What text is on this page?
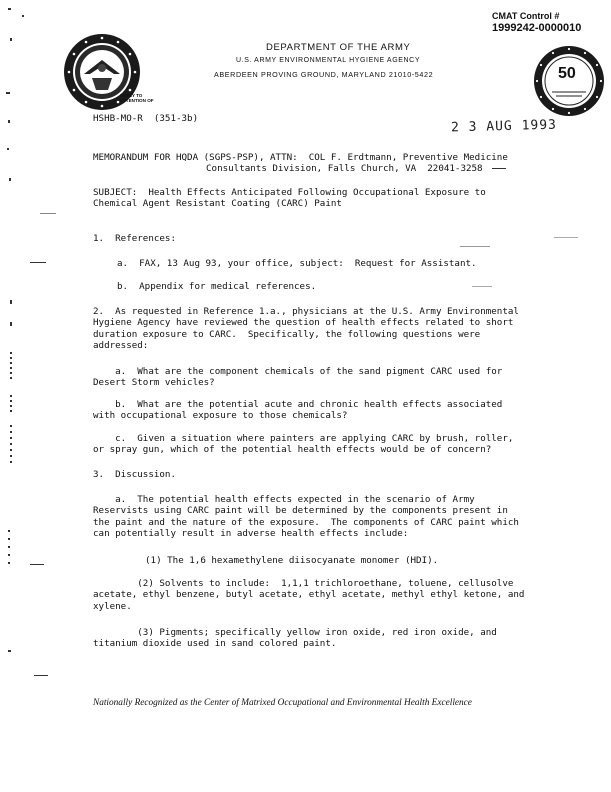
CMAT Control #
1999242-0000010
50
DEPARTMENT OF THE ARMY
U.S. ARMY ENVIRONMENTAL HYGIENE AGENCY
ABERDEEN PROVING GROUND, MARYLAND 21010-5422
REPLY TO
ATTENTION OF
HSHB-MO-R  (351-3b)	2 3 AUG 1993
MEMORANDUM FOR HQDA (SGPS-PSP), ATTN:  COL F. Erdtmann, Preventive Medicine
Consultants Division, Falls Church, VA  22041-3258
SUBJECT:  Health Effects Anticipated Following Occupational Exposure to
Chemical Agent Resistant Coating (CARC) Paint
1.  References:
a.  FAX, 13 Aug 93, your office, subject:  Request for Assistant.
b.  Appendix for medical references.
2.  As requested in Reference 1.a., physicians at the U.S. Army Environmental
Hygiene Agency have reviewed the question of health effects related to short
duration exposure to CARC.  Specifically, the following questions were
addressed:
a.  What are the component chemicals of the sand pigment CARC used for
Desert Storm vehicles?
b.  What are the potential acute and chronic health effects associated
with occupational exposure to those chemicals?
c.  Given a situation where painters are applying CARC by brush, roller,
or spray gun, which of the potential health effects would be of concern?
3.  Discussion.
a.  The potential health effects expected in the scenario of Army
Reservists using CARC paint will be determined by the components present in
the paint and the nature of the exposure.  The components of CARC paint which
can potentially result in adverse health effects include:
(1) The 1,6 hexamethylene diisocyanate monomer (HDI).
(2) Solvents to include:  1,1,1 trichloroethane, toluene, cellusolve
acetate, ethyl benzene, butyl acetate, ethyl acetate, methyl ethyl ketone, and
xylene.
(3) Pigments; specifically yellow iron oxide, red iron oxide, and
titanium dioxide used in sand colored paint.
Nationally Recognized as the Center of Matrixed Occupational and Environmental Health Excellence
